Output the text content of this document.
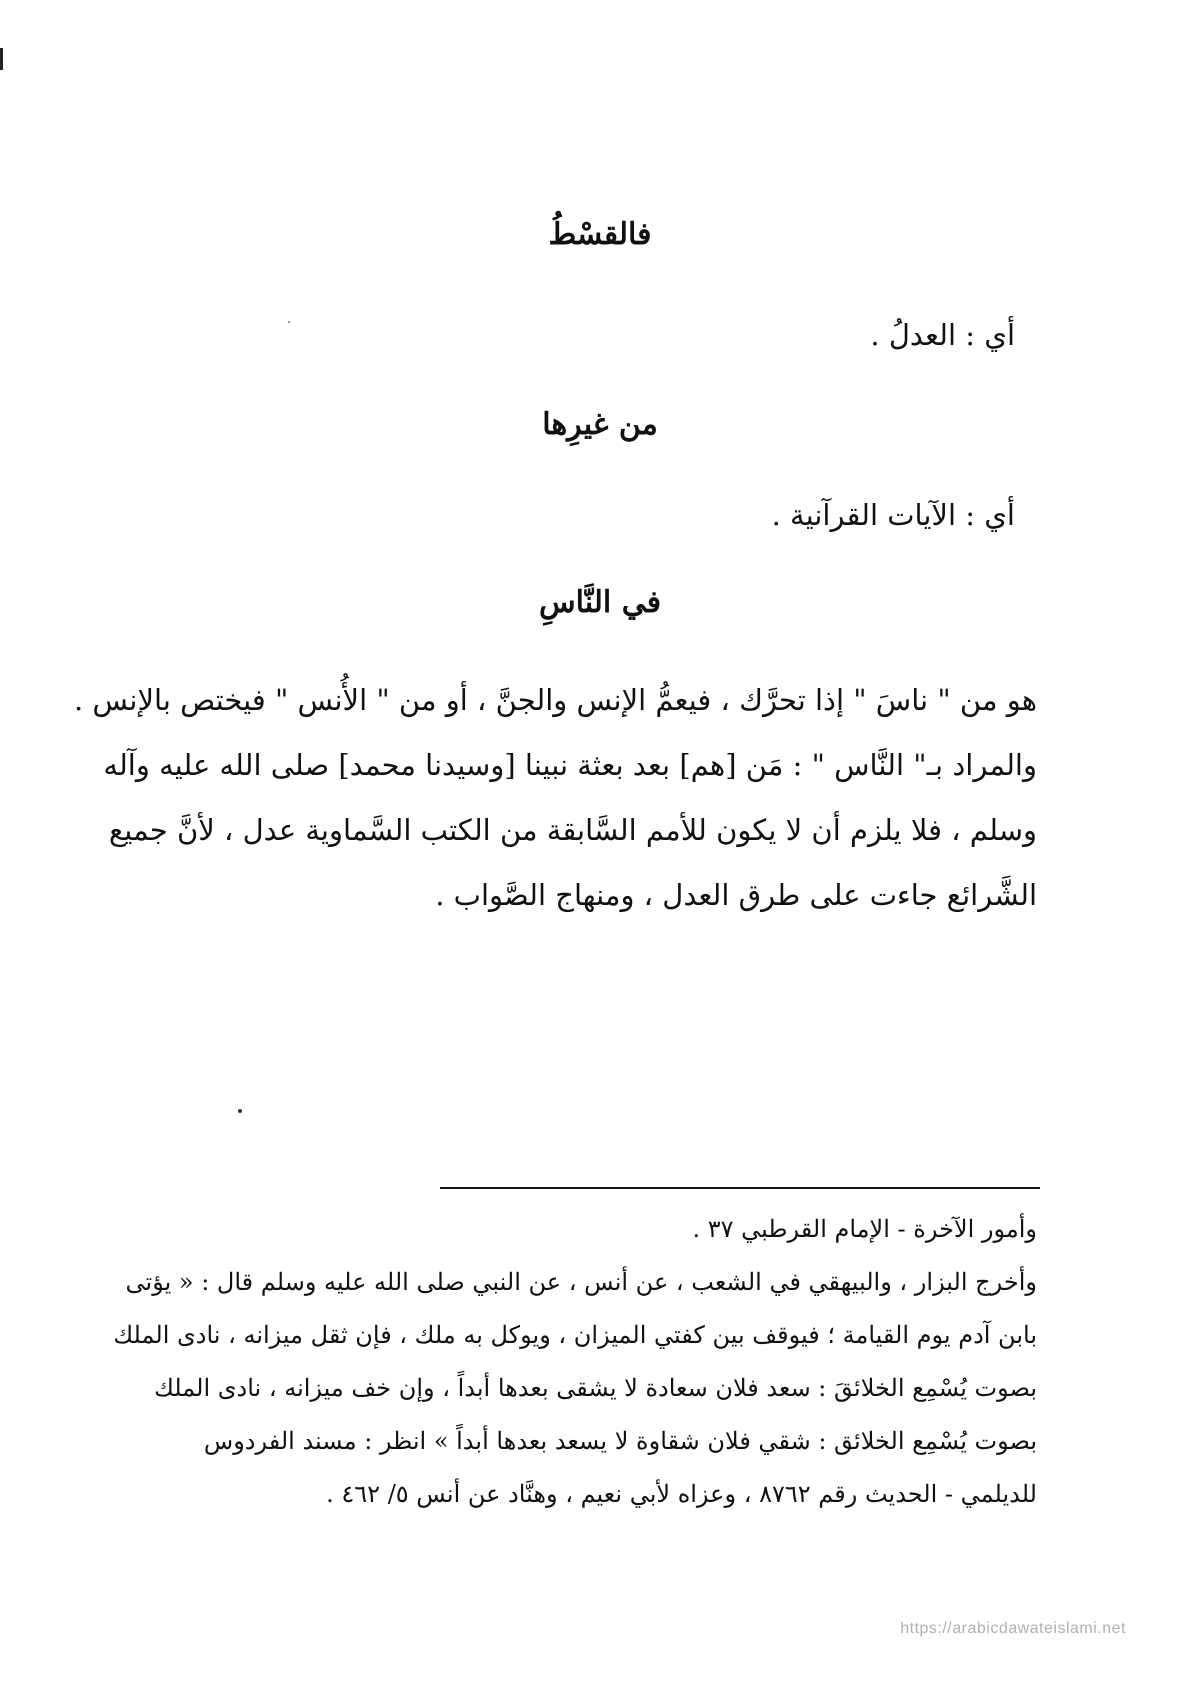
فالقسْطُ
أي : العدلُ .
من غيرِها
أي : الآيات القرآنية .
في النَّاسِ
هو من " ناسَ " إذا تحرَّك ، فيعمُّ الإنس والجنَّ ، أو من " الأُنس " فيختص بالإنس .
والمراد بـ" النَّاس " : مَن [هم] بعد بعثة نبينا [وسيدنا محمد] صلى الله عليه وآله
وسلم ، فلا يلزم أن لا يكون للأمم السَّابقة من الكتب السَّماوية عدل ، لأنَّ جميع
الشَّرائع جاءت على طرق العدل ، ومنهاج الصَّواب .
وأمور الآخرة - الإمام القرطبي ٣٧ .
وأخرج البزار ، والبيهقي في الشعب ، عن أنس ، عن النبي صلى الله عليه وسلم قال : « يؤتى
بابن آدم يوم القيامة ؛ فيوقف بين كفتي الميزان ، ويوكل به ملك ، فإن ثقل ميزانه ، نادى الملك
بصوت يُسْمِع الخلائقَ : سعد فلان سعادة لا يشقى بعدها أبداً ، وإن خف ميزانه ، نادى الملك
بصوت يُسْمِع الخلائق : شقي فلان شقاوة لا يسعد بعدها أبداً » انظر : مسند الفردوس
للديلمي - الحديث رقم ٨٧٦٢ ، وعزاه لأبي نعيم ، وهنَّاد عن أنس ٥/ ٤٦٢ .
https://arabicdawateislami.net
